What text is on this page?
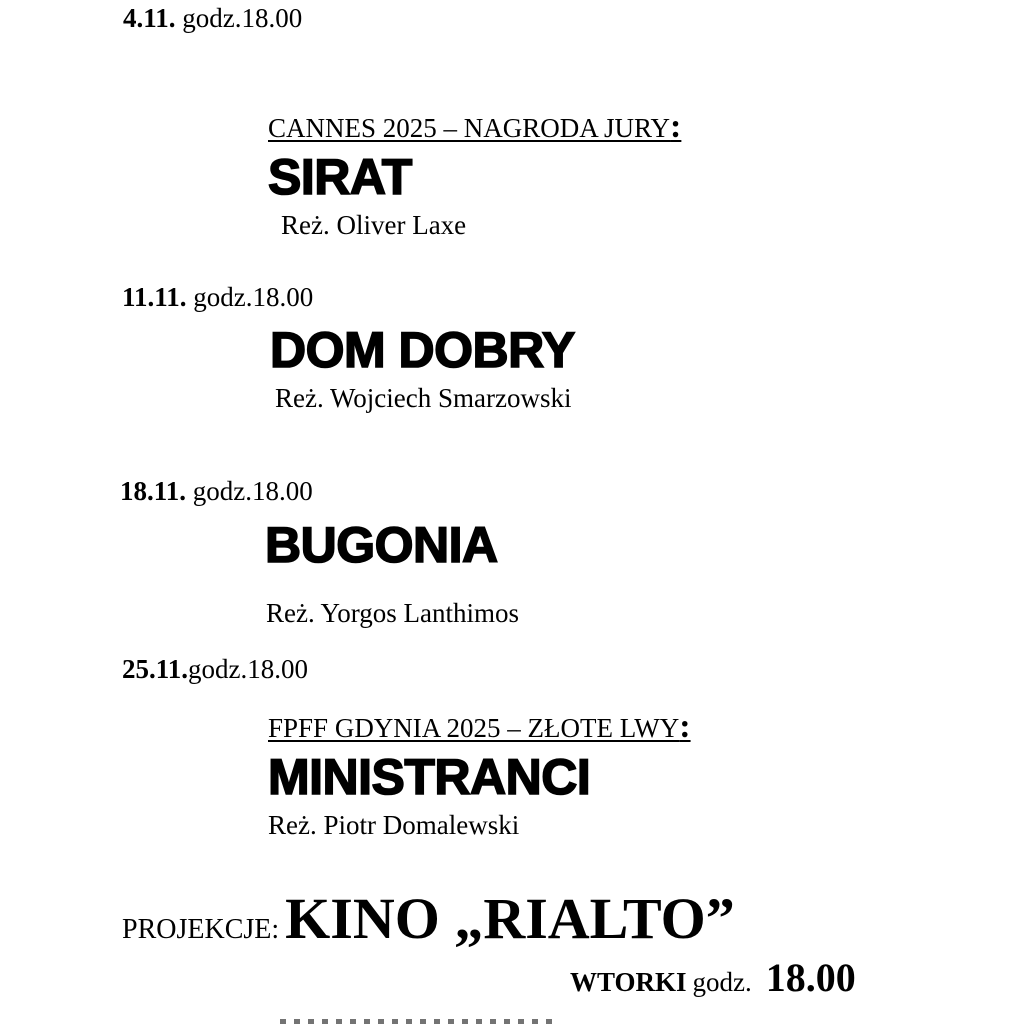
4.11. godz.18.00
CANNES 2025 – NAGRODA JURY:
SIRAT
Reż. Oliver Laxe
11.11. godz.18.00
DOM DOBRY
Reż. Wojciech Smarzowski
18.11. godz.18.00
BUGONIA
Reż. Yorgos Lanthimos
25.11.godz.18.00
FPFF GDYNIA 2025 – ZŁOTE LWY:
MINISTRANCI
Reż. Piotr Domalewski
PROJEKCJE: KINO „RIALTO”
WTORKI godz. 18.00
